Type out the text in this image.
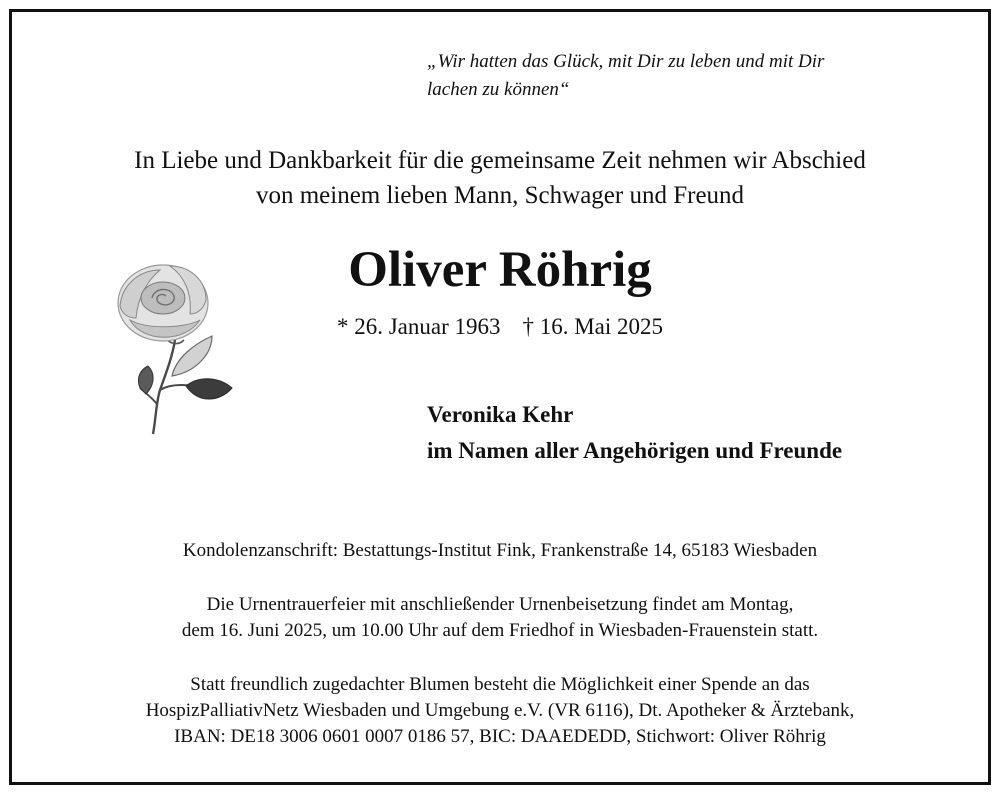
„Wir hatten das Glück, mit Dir zu leben und mit Dir
lachen zu können“
In Liebe und Dankbarkeit für die gemeinsame Zeit nehmen wir Abschied
von meinem lieben Mann, Schwager und Freund
Oliver Röhrig
* 26. Januar 1963 † 16. Mai 2025
Veronika Kehr
im Namen aller Angehörigen und Freunde
Kondolenzanschrift: Bestattungs-Institut Fink, Frankenstraße 14, 65183 Wiesbaden
Die Urnentrauerfeier mit anschließender Urnenbeisetzung findet am Montag,
dem 16. Juni 2025, um 10.00 Uhr auf dem Friedhof in Wiesbaden-Frauenstein statt.
Statt freundlich zugedachter Blumen besteht die Möglichkeit einer Spende an das
HospizPalliativNetz Wiesbaden und Umgebung e.V. (VR 6116), Dt. Apotheker & Ärztebank,
IBAN: DE18 3006 0601 0007 0186 57, BIC: DAAEDEDD, Stichwort: Oliver Röhrig
